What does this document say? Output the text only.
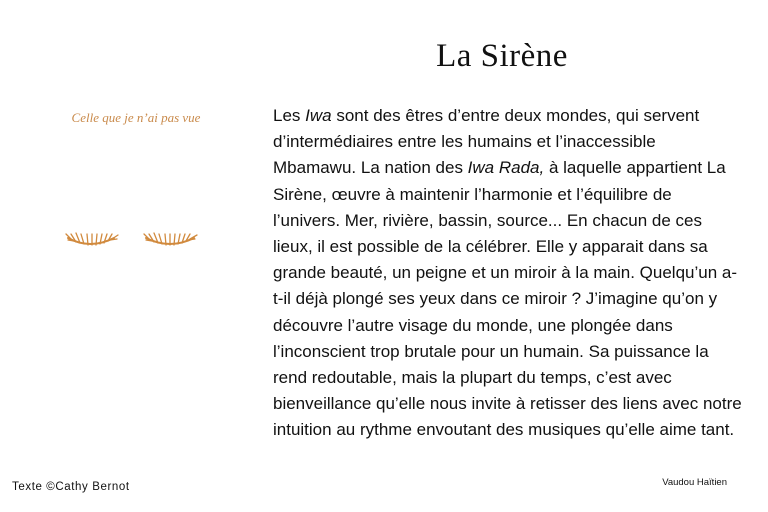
La Sirène
Celle que je n’ai pas vue	Les Iwa sont des êtres d’entre deux mondes, qui servent d’intermédiaires entre les humains et l’inaccessible Mbamawu. La nation des Iwa Rada, à laquelle appartient La Sirène, œuvre à maintenir l’harmonie et l’équilibre de l’univers. Mer, rivière, bassin, source... En chacun de ces lieux, il est possible de la célébrer. Elle y apparait dans sa grande beauté, un peigne et un miroir à la main. Quelqu’un a-t-il déjà plongé ses yeux dans ce miroir ? J’imagine qu’on y découvre l’autre visage du monde, une plongée dans l’inconscient trop brutale pour un humain. Sa puissance la rend redoutable, mais la plupart du temps, c’est avec bienveillance qu’elle nous invite à retisser des liens avec notre intuition au rythme envoutant des musiques qu’elle aime tant.

Vaudou Haïtien
Texte ©Cathy Bernot
